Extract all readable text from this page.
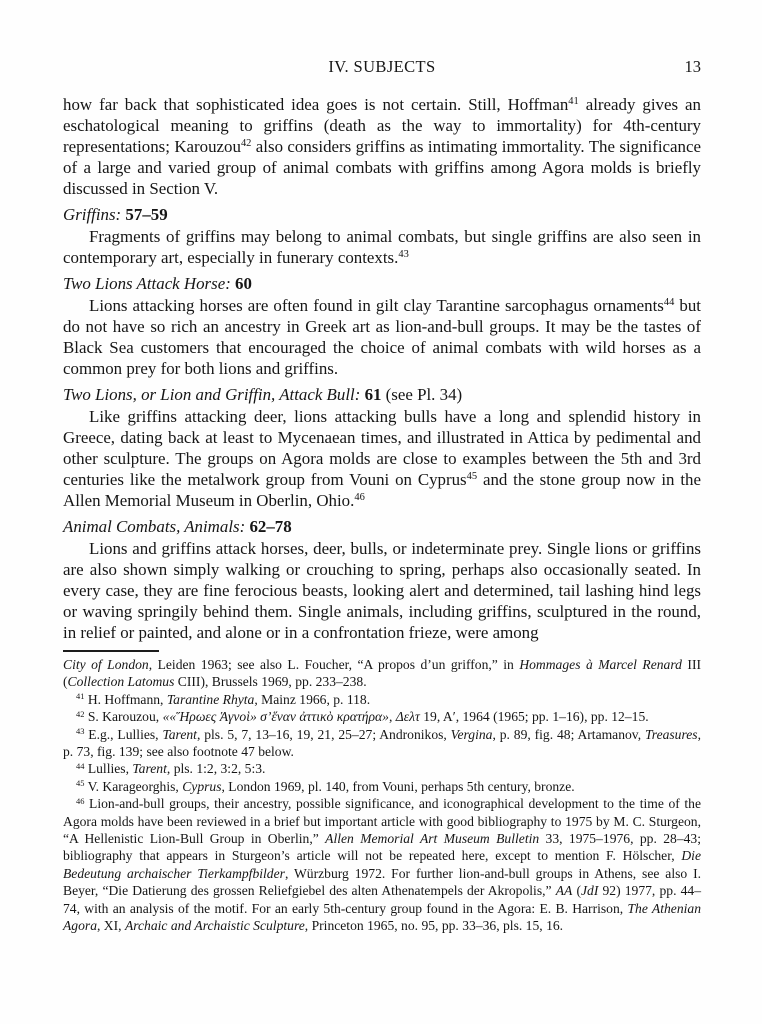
IV. SUBJECTS	13

how far back that sophisticated idea goes is not certain. Still, Hoffman$^{41}$ already gives an eschatological meaning to griffins (death as the way to immortality) for 4th-century representations; Karouzou$^{42}$ also considers griffins as intimating immortality. The significance of a large and varied group of animal combats with griffins among Agora molds is briefly discussed in Section V.

Griffins: 57–59

Fragments of griffins may belong to animal combats, but single griffins are also seen in contemporary art, especially in funerary contexts.$^{43}$

Two Lions Attack Horse: 60

Lions attacking horses are often found in gilt clay Tarantine sarcophagus ornaments$^{44}$ but do not have so rich an ancestry in Greek art as lion-and-bull groups. It may be the tastes of Black Sea customers that encouraged the choice of animal combats with wild horses as a common prey for both lions and griffins.

Two Lions, or Lion and Griffin, Attack Bull: 61 (see Pl. 34)

Like griffins attacking deer, lions attacking bulls have a long and splendid history in Greece, dating back at least to Mycenaean times, and illustrated in Attica by pedimental and other sculpture. The groups on Agora molds are close to examples between the 5th and 3rd centuries like the metalwork group from Vouni on Cyprus$^{45}$ and the stone group now in the Allen Memorial Museum in Oberlin, Ohio.$^{46}$

Animal Combats, Animals: 62–78

Lions and griffins attack horses, deer, bulls, or indeterminate prey. Single lions or griffins are also shown simply walking or crouching to spring, perhaps also occasionally seated. In every case, they are fine ferocious beasts, looking alert and determined, tail lashing hind legs or waving springily behind them. Single animals, including griffins, sculptured in the round, in relief or painted, and alone or in a confrontation frieze, were among

City of London, Leiden 1963; see also L. Foucher, “A propos d’un griffon,” in Hommages à Marcel Renard III (Collection Latomus CIII), Brussels 1969, pp. 233–238.

$^{41}$ H. Hoffmann, Tarantine Rhyta, Mainz 1966, p. 118.

$^{42}$ S. Karouzou, ««Ἥρωες Ἁγνοὶ» σ’ἕναν ἀττικὸ κρατήρα», Δελτ 19, Α′, 1964 (1965; pp. 1–16), pp. 12–15.

$^{43}$ E.g., Lullies, Tarent, pls. 5, 7, 13–16, 19, 21, 25–27; Andronikos, Vergina, p. 89, fig. 48; Artamanov, Treasures, p. 73, fig. 139; see also footnote 47 below.

$^{44}$ Lullies, Tarent, pls. 1:2, 3:2, 5:3.

$^{45}$ V. Karageorghis, Cyprus, London 1969, pl. 140, from Vouni, perhaps 5th century, bronze.

$^{46}$ Lion-and-bull groups, their ancestry, possible significance, and iconographical development to the time of the Agora molds have been reviewed in a brief but important article with good bibliography to 1975 by M. C. Sturgeon, “A Hellenistic Lion-Bull Group in Oberlin,” Allen Memorial Art Museum Bulletin 33, 1975–1976, pp. 28–43; bibliography that appears in Sturgeon’s article will not be repeated here, except to mention F. Hölscher, Die Bedeutung archaischer Tierkampfbilder, Würzburg 1972. For further lion-and-bull groups in Athens, see also I. Beyer, “Die Datierung des grossen Reliefgiebel des alten Athenatempels der Akropolis,” AA (JdI 92) 1977, pp. 44–74, with an analysis of the motif. For an early 5th-century group found in the Agora: E. B. Harrison, The Athenian Agora, XI, Archaic and Archaistic Sculpture, Princeton 1965, no. 95, pp. 33–36, pls. 15, 16.
